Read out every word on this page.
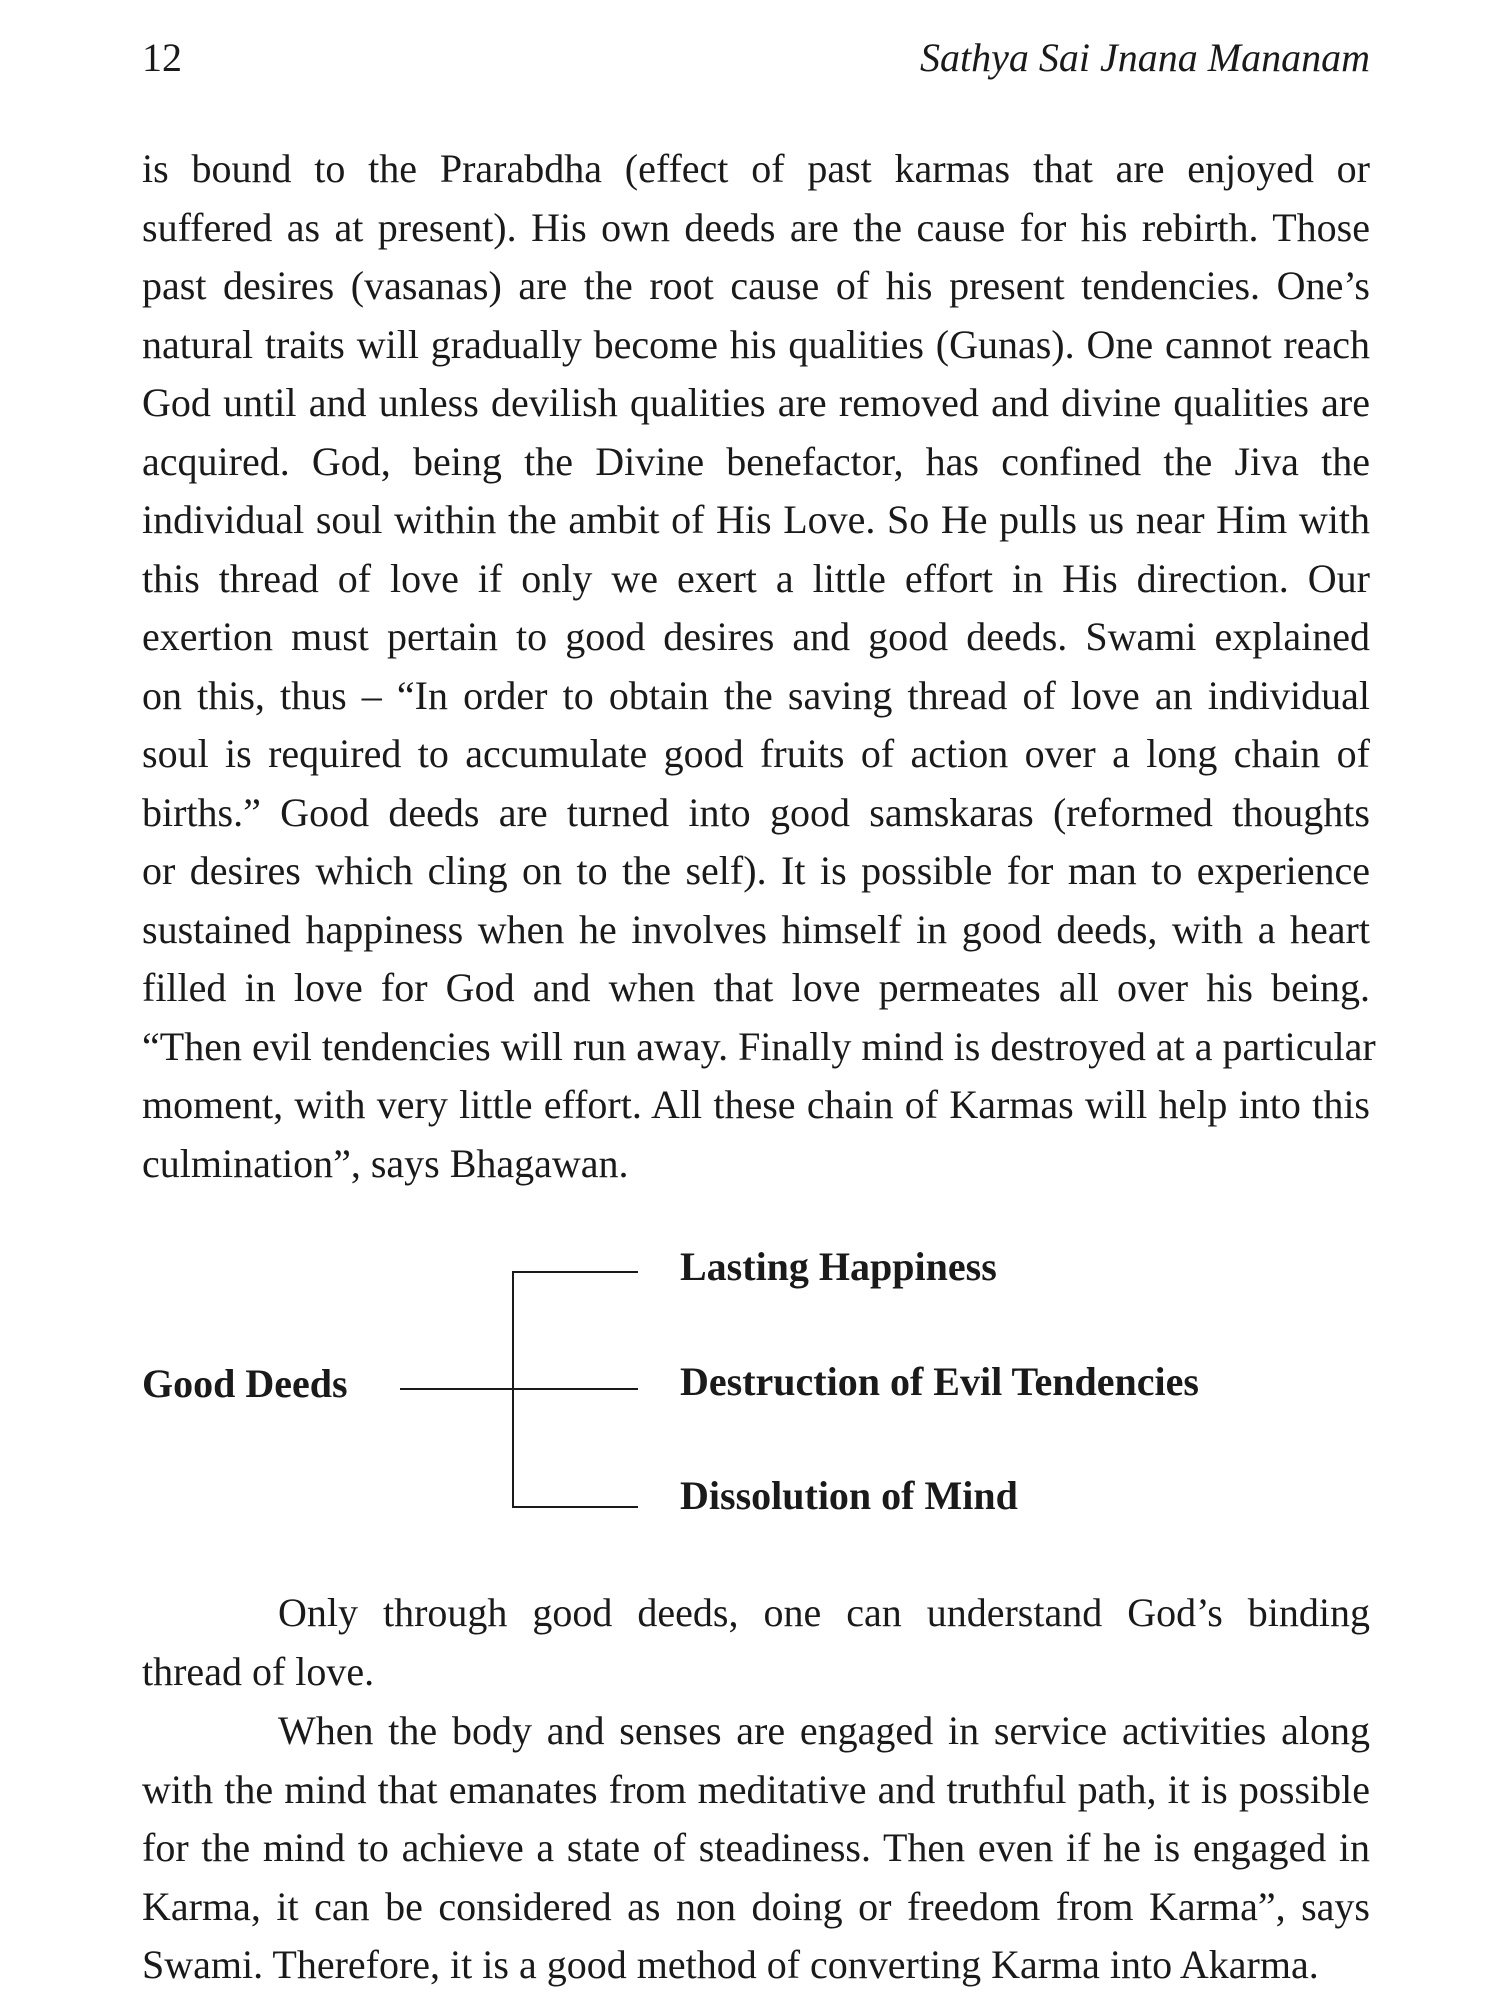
12	Sathya Sai Jnana Mananam
is bound to the Prarabdha (effect of past karmas that are enjoyed or
suffered as at present). His own deeds are the cause for his rebirth. Those
past desires (vasanas) are the root cause of his present tendencies. One’s
natural traits will gradually become his qualities (Gunas). One cannot reach
God until and unless devilish qualities are removed and divine qualities are
acquired. God, being the Divine benefactor, has confined the Jiva the
individual soul within the ambit of His Love. So He pulls us near Him with
this thread of love if only we exert a little effort in His direction. Our
exertion must pertain to good desires and good deeds. Swami explained
on this, thus – “In order to obtain the saving thread of love an individual
soul is required to accumulate good fruits of action over a long chain of
births.” Good deeds are turned into good samskaras (reformed thoughts
or desires which cling on to the self). It is possible for man to experience
sustained happiness when he involves himself in good deeds, with a heart
filled in love for God and when that love permeates all over his being.
“Then evil tendencies will run away. Finally mind is destroyed at a particular
moment, with very little effort. All these chain of Karmas will help into this
culmination”, says Bhagawan.
Good Deeds
Lasting Happiness
Destruction of Evil Tendencies
Dissolution of Mind
Only through good deeds, one can understand God’s binding
thread of love.
When the body and senses are engaged in service activities along
with the mind that emanates from meditative and truthful path, it is possible
for the mind to achieve a state of steadiness. Then even if he is engaged in
Karma, it can be considered as non doing or freedom from Karma”, says
Swami. Therefore, it is a good method of converting Karma into Akarma.
